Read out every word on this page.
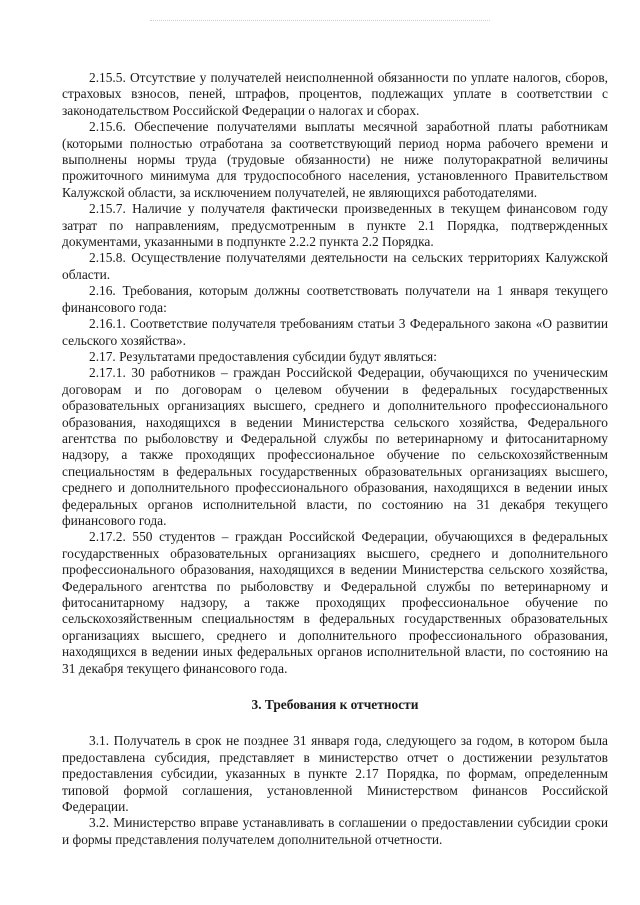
2.15.5. Отсутствие у получателей неисполненной обязанности по уплате налогов, сборов, страховых взносов, пеней, штрафов, процентов, подлежащих уплате в соответствии с законодательством Российской Федерации о налогах и сборах.

2.15.6. Обеспечение получателями выплаты месячной заработной платы работникам (которыми полностью отработана за соответствующий период норма рабочего времени и выполнены нормы труда (трудовые обязанности) не ниже полуторакратной величины прожиточного минимума для трудоспособного населения, установленного Правительством Калужской области, за исключением получателей, не являющихся работодателями.

2.15.7. Наличие у получателя фактически произведенных в текущем финансовом году затрат по направлениям, предусмотренным в пункте 2.1 Порядка, подтвержденных документами, указанными в подпункте 2.2.2 пункта 2.2 Порядка.

2.15.8. Осуществление получателями деятельности на сельских территориях Калужской области.

2.16. Требования, которым должны соответствовать получатели на 1 января текущего финансового года:

2.16.1. Соответствие получателя требованиям статьи 3 Федерального закона «О развитии сельского хозяйства».

2.17. Результатами предоставления субсидии будут являться:

2.17.1. 30 работников – граждан Российской Федерации, обучающихся по ученическим договорам и по договорам о целевом обучении в федеральных государственных образовательных организациях высшего, среднего и дополнительного профессионального образования, находящихся в ведении Министерства сельского хозяйства, Федерального агентства по рыболовству и Федеральной службы по ветеринарному и фитосанитарному надзору, а также проходящих профессиональное обучение по сельскохозяйственным специальностям в федеральных государственных образовательных организациях высшего, среднего и дополнительного профессионального образования, находящихся в ведении иных федеральных органов исполнительной власти, по состоянию на 31 декабря текущего финансового года.

2.17.2. 550 студентов – граждан Российской Федерации, обучающихся в федеральных государственных образовательных организациях высшего, среднего и дополнительного профессионального образования, находящихся в ведении Министерства сельского хозяйства, Федерального агентства по рыболовству и Федеральной службы по ветеринарному и фитосанитарному надзору, а также проходящих профессиональное обучение по сельскохозяйственным специальностям в федеральных государственных образовательных организациях высшего, среднего и дополнительного профессионального образования, находящихся в ведении иных федеральных органов исполнительной власти, по состоянию на 31 декабря текущего финансового года.

3. Требования к отчетности

3.1. Получатель в срок не позднее 31 января года, следующего за годом, в котором была предоставлена субсидия, представляет в министерство отчет о достижении результатов предоставления субсидии, указанных в пункте 2.17 Порядка, по формам, определенным типовой формой соглашения, установленной Министерством финансов Российской Федерации.

3.2. Министерство вправе устанавливать в соглашении о предоставлении субсидии сроки и формы представления получателем дополнительной отчетности.
